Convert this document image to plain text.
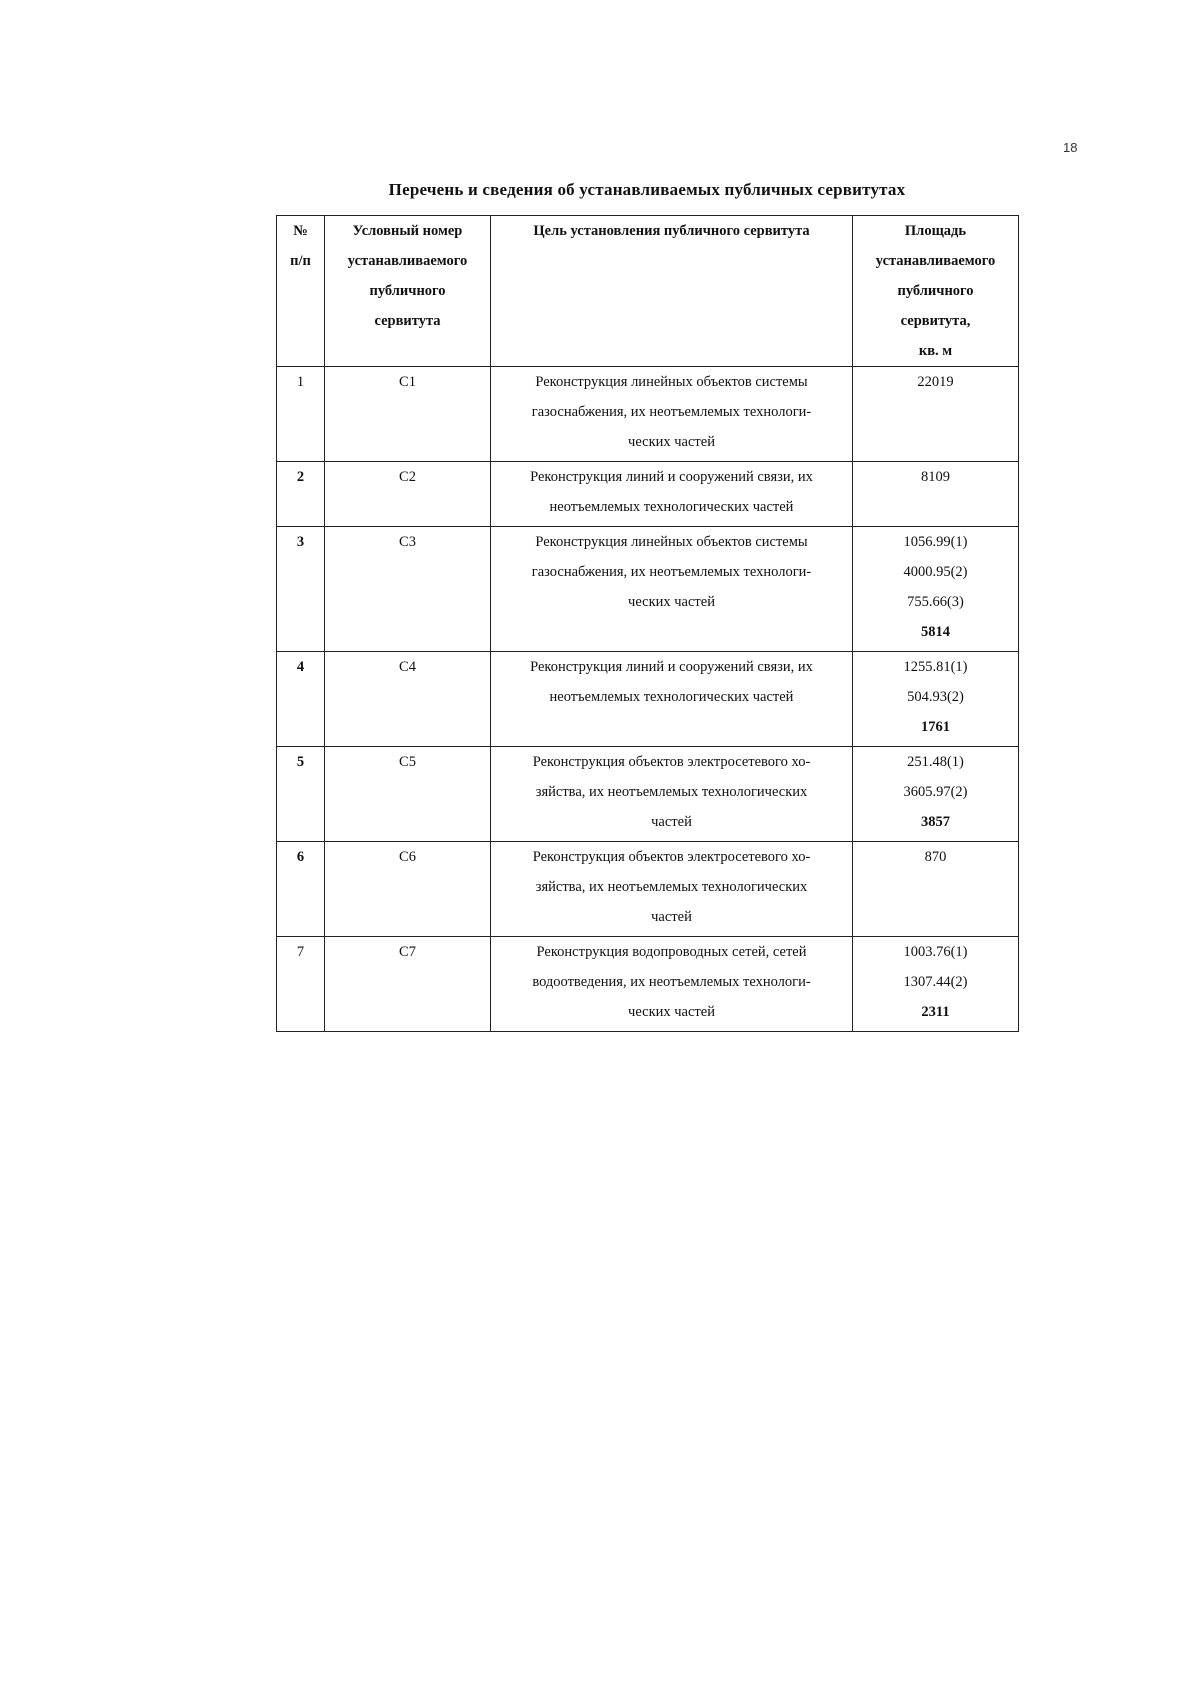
18
Перечень и сведения об устанавливаемых публичных сервитутах
№
п/п	Условный номер
устанавливаемого
публичного
сервитута	Цель установления публичного сервитута	Площадь
устанавливаемого
публичного
сервитута,
кв. м

1	С1	Реконструкция линейных объектов системы
газоснабжения, их неотъемлемых технологи-
ческих частей	22019

2	С2	Реконструкция линий и сооружений связи, их
неотъемлемых технологических частей	8109

3	С3	Реконструкция линейных объектов системы
газоснабжения, их неотъемлемых технологи-
ческих частей	1056.99(1)
4000.95(2)
755.66(3)
5814

4	С4	Реконструкция линий и сооружений связи, их
неотъемлемых технологических частей	1255.81(1)
504.93(2)
1761

5	С5	Реконструкция объектов электросетевого хо-
зяйства, их неотъемлемых технологических
частей	251.48(1)
3605.97(2)
3857

6	С6	Реконструкция объектов электросетевого хо-
зяйства, их неотъемлемых технологических
частей	870

7	С7	Реконструкция водопроводных сетей, сетей
водоотведения, их неотъемлемых технологи-
ческих частей	1003.76(1)
1307.44(2)
2311
